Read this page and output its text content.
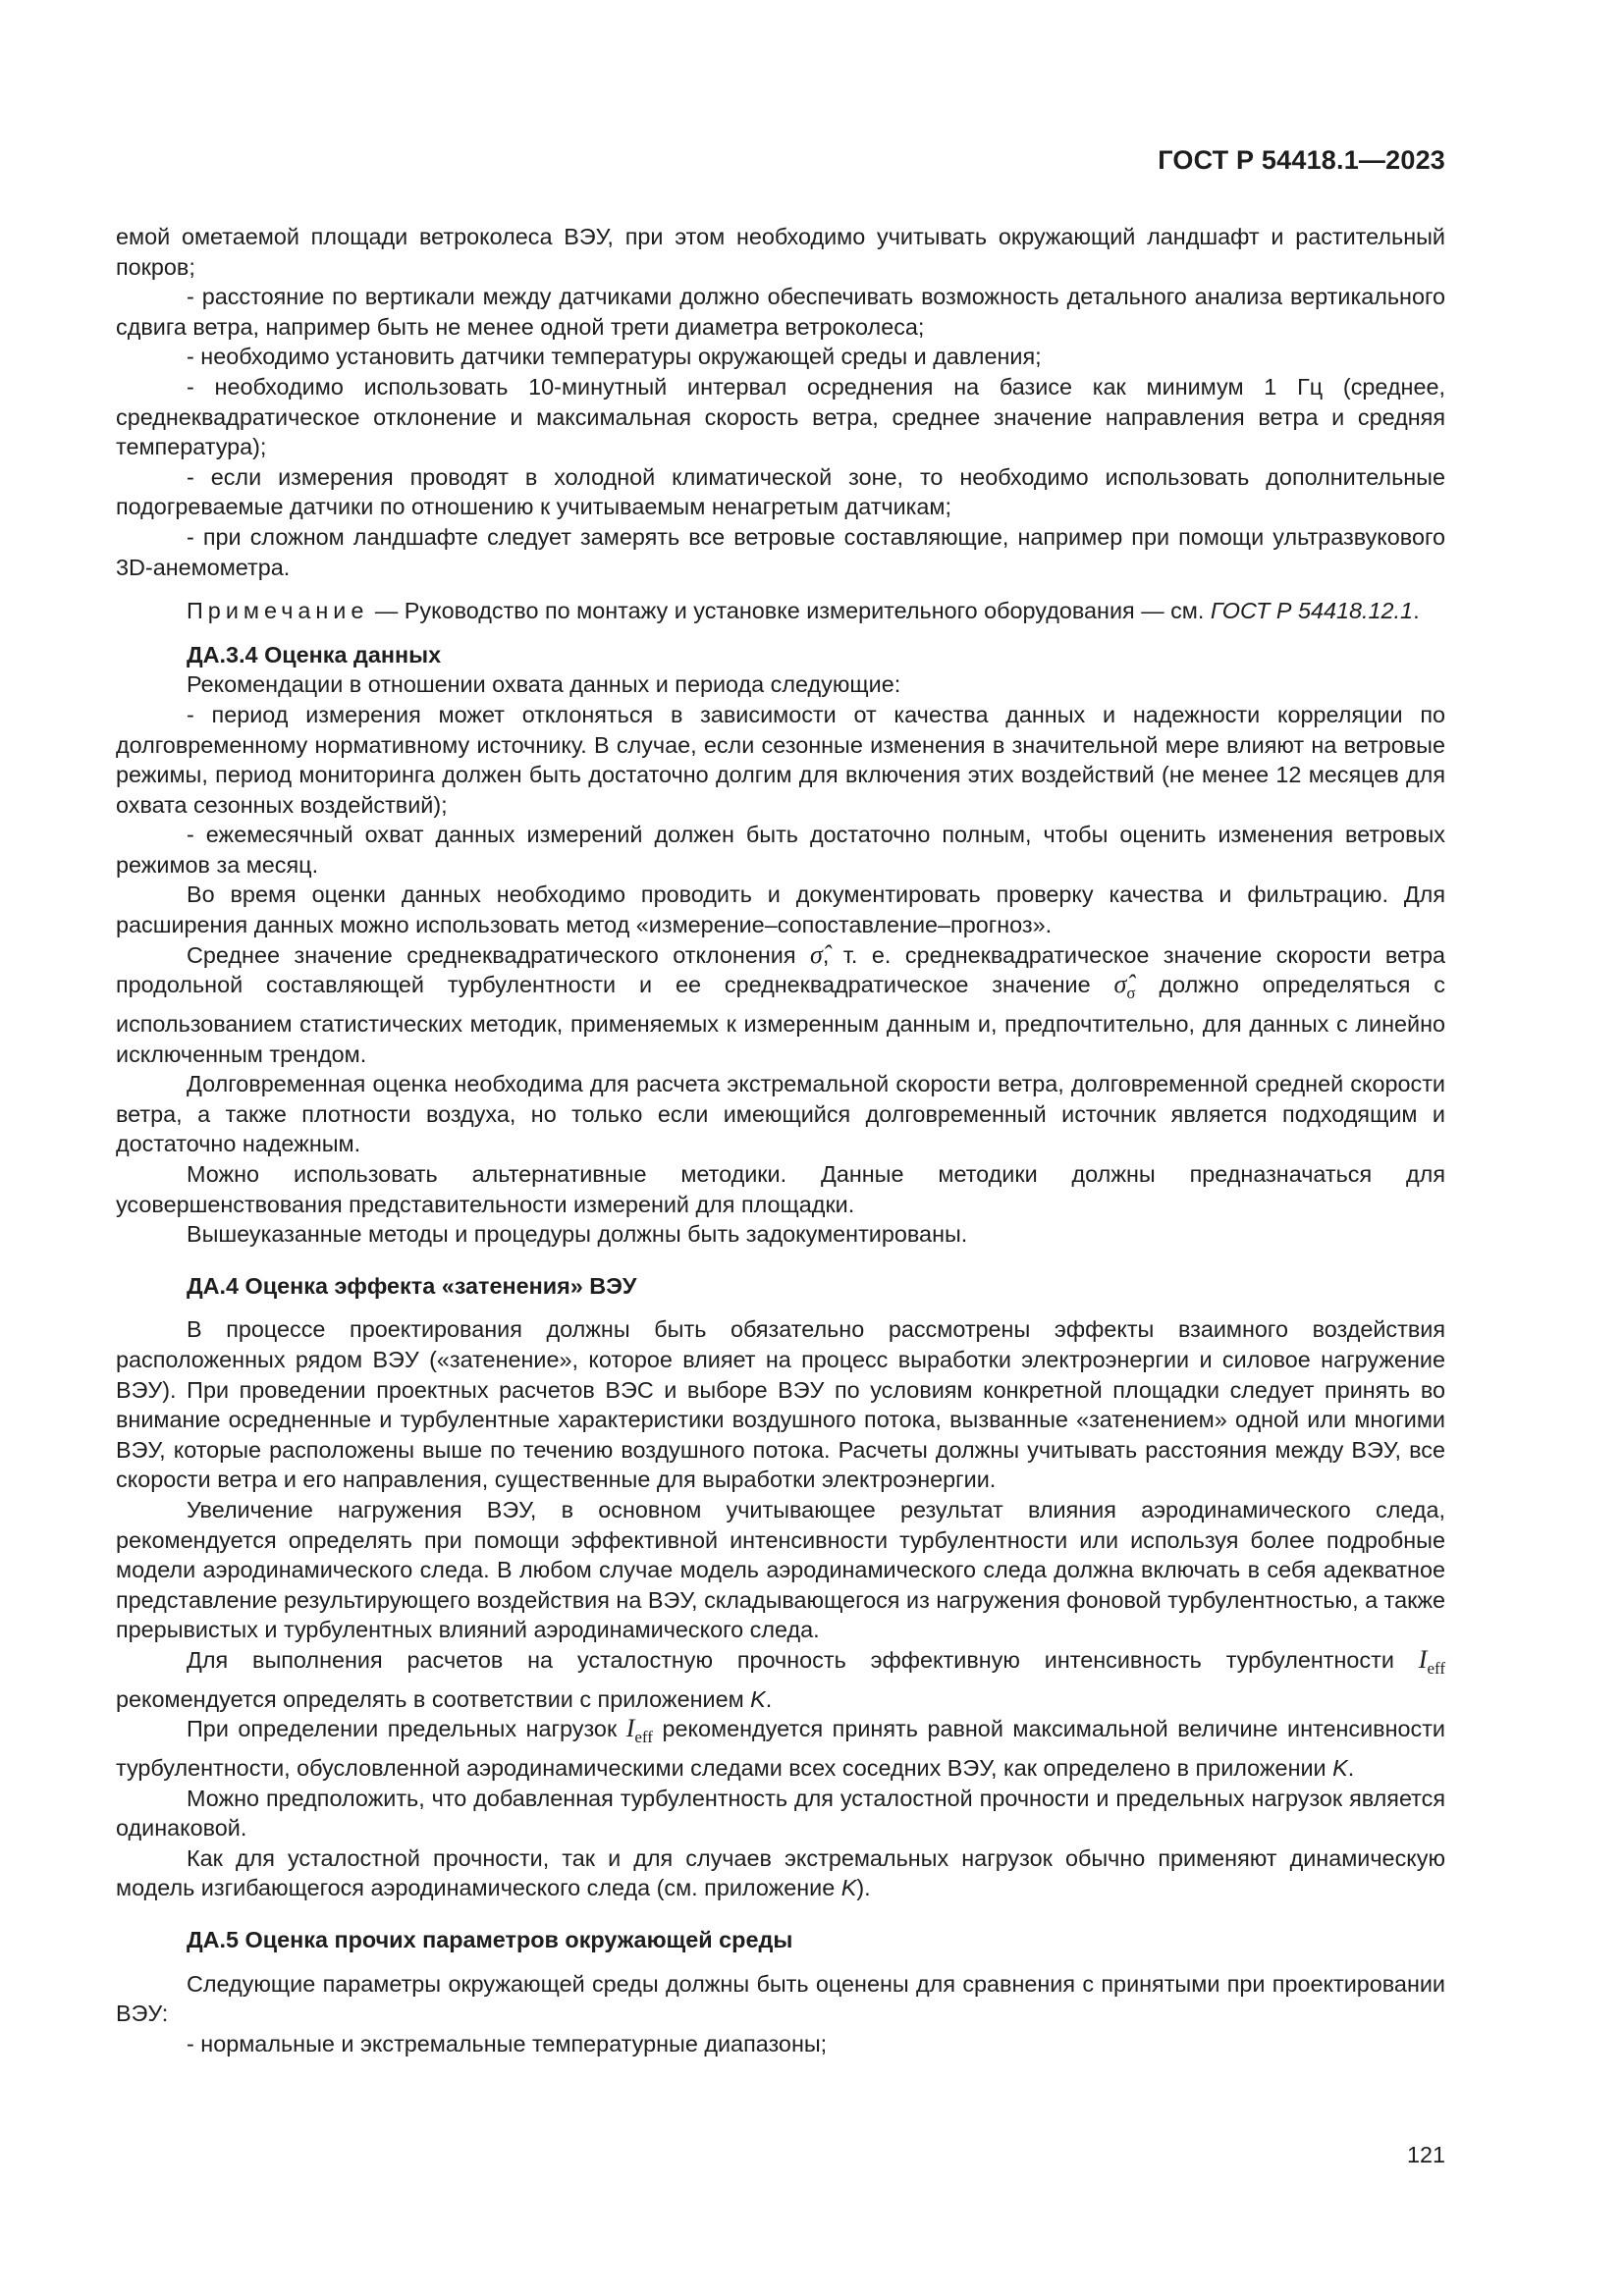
ГОСТ Р 54418.1—2023

емой ометаемой площади ветроколеса ВЭУ, при этом необходимо учитывать окружающий ландшафт и растительный покров;

- расстояние по вертикали между датчиками должно обеспечивать возможность детального анализа вертикального сдвига ветра, например быть не менее одной трети диаметра ветроколеса;

- необходимо установить датчики температуры окружающей среды и давления;

- необходимо использовать 10-минутный интервал осреднения на базисе как минимум 1 Гц (среднее, среднеквадратическое отклонение и максимальная скорость ветра, среднее значение направления ветра и средняя температура);

- если измерения проводят в холодной климатической зоне, то необходимо использовать дополнительные подогреваемые датчики по отношению к учитываемым ненагретым датчикам;

- при сложном ландшафте следует замерять все ветровые составляющие, например при помощи ультразвукового 3D-анемометра.

Примечание — Руководство по монтажу и установке измерительного оборудования — см. ГОСТ Р 54418.12.1.

ДА.3.4 Оценка данных

Рекомендации в отношении охвата данных и периода следующие:

- период измерения может отклоняться в зависимости от качества данных и надежности корреляции по долговременному нормативному источнику. В случае, если сезонные изменения в значительной мере влияют на ветровые режимы, период мониторинга должен быть достаточно долгим для включения этих воздействий (не менее 12 месяцев для охвата сезонных воздействий);

- ежемесячный охват данных измерений должен быть достаточно полным, чтобы оценить изменения ветровых режимов за месяц.

Во время оценки данных необходимо проводить и документировать проверку качества и фильтрацию. Для расширения данных можно использовать метод «измерение–сопоставление–прогноз».

Среднее значение среднеквадратического отклонения σ̂, т. е. среднеквадратическое значение скорости ветра продольной составляющей турбулентности и ее среднеквадратическое значение $\sigmâ_\sigma$ должно определяться с использованием статистических методик, применяемых к измеренным данным и, предпочтительно, для данных с линейно исключенным трендом.

Долговременная оценка необходима для расчета экстремальной скорости ветра, долговременной средней скорости ветра, а также плотности воздуха, но только если имеющийся долговременный источник является подходящим и достаточно надежным.

Можно использовать альтернативные методики. Данные методики должны предназначаться для усовершенствования представительности измерений для площадки.

Вышеуказанные методы и процедуры должны быть задокументированы.

ДА.4 Оценка эффекта «затенения» ВЭУ

В процессе проектирования должны быть обязательно рассмотрены эффекты взаимного воздействия расположенных рядом ВЭУ («затенение», которое влияет на процесс выработки электроэнергии и силовое нагружение ВЭУ). При проведении проектных расчетов ВЭС и выборе ВЭУ по условиям конкретной площадки следует принять во внимание осредненные и турбулентные характеристики воздушного потока, вызванные «затенением» одной или многими ВЭУ, которые расположены выше по течению воздушного потока. Расчеты должны учитывать расстояния между ВЭУ, все скорости ветра и его направления, существенные для выработки электроэнергии.

Увеличение нагружения ВЭУ, в основном учитывающее результат влияния аэродинамического следа, рекомендуется определять при помощи эффективной интенсивности турбулентности или используя более подробные модели аэродинамического следа. В любом случае модель аэродинамического следа должна включать в себя адекватное представление результирующего воздействия на ВЭУ, складывающегося из нагружения фоновой турбулентностью, а также прерывистых и турбулентных влияний аэродинамического следа.

Для выполнения расчетов на усталостную прочность эффективную интенсивность турбулентности $I_{eff}$ рекомендуется определять в соответствии с приложением K.

При определении предельных нагрузок $I_{eff}$ рекомендуется принять равной максимальной величине интенсивности турбулентности, обусловленной аэродинамическими следами всех соседних ВЭУ, как определено в приложении K.

Можно предположить, что добавленная турбулентность для усталостной прочности и предельных нагрузок является одинаковой.

Как для усталостной прочности, так и для случаев экстремальных нагрузок обычно применяют динамическую модель изгибающегося аэродинамического следа (см. приложение K).

ДА.5 Оценка прочих параметров окружающей среды

Следующие параметры окружающей среды должны быть оценены для сравнения с принятыми при проектировании ВЭУ:

- нормальные и экстремальные температурные диапазоны;

121
